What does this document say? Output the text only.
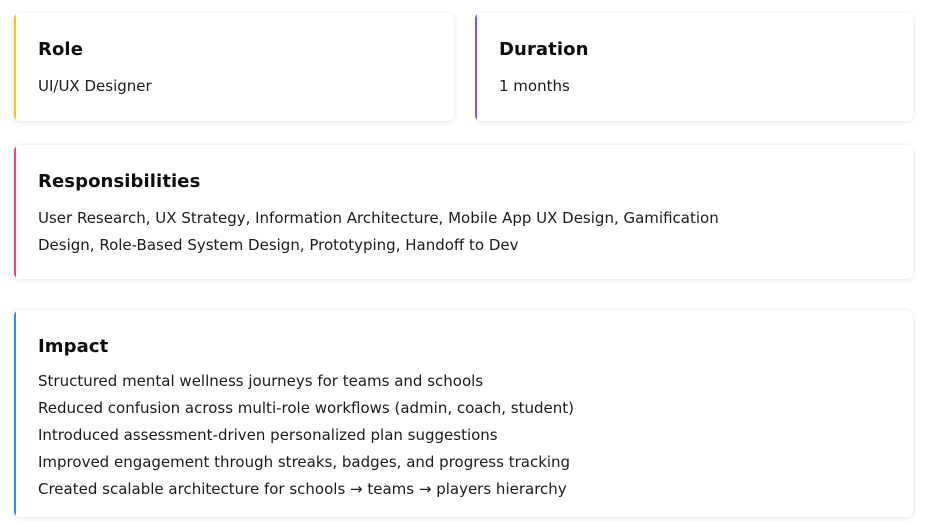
Role

UI/UX Designer

Duration

1 months

Responsibilities

User Research, UX Strategy, Information Architecture, Mobile App UX Design, Gamification Design, Role-Based System Design, Prototyping, Handoff to Dev

Impact
Structured mental wellness journeys for teams and schools
Reduced confusion across multi-role workflows (admin, coach, student)
Introduced assessment-driven personalized plan suggestions
Improved engagement through streaks, badges, and progress tracking
Created scalable architecture for schools → teams → players hierarchy
